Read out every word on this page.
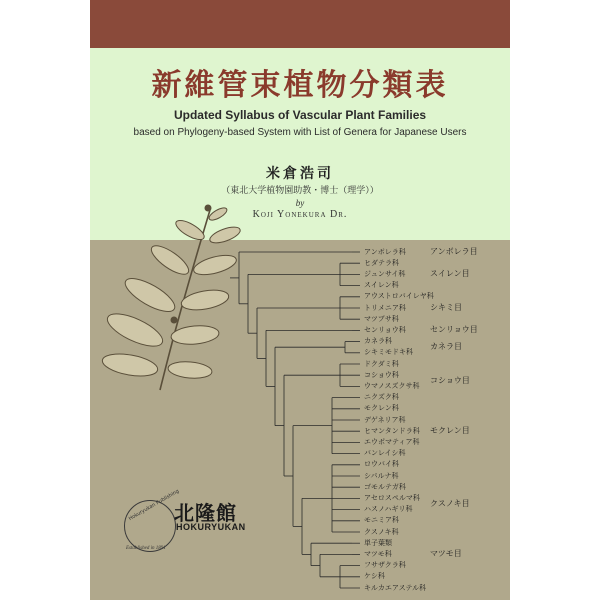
新維管束植物分類表
Updated Syllabus of Vascular Plant Families
based on Phylogeny-based System with List of Genera for Japanese Users
米倉浩司
（東北大学植物園助教・博士（理学））
by
Koji Yonekura Dr.
アンボレラ科
ヒダテラ科
ジュンサイ科
スイレン科
アウストロバイレヤ科
トリメニア科
マツブサ科
センリョウ科
カネラ科
シキミモドキ科
ドクダミ科
コショウ科
ウマノスズクサ科
ニクズク科
モクレン科
デゲネリア科
ヒマンタンドラ科
エウポマティア科
バンレイシ科
ロウバイ科
シパルナ科
ゴモルテガ科
アセロスペルマ科
ハスノハギリ科
モニミア科
クスノキ科
単子葉類
マツモ科
フサザクラ科
ケシ科
キルカエアステル科
アンボレラ目
スイレン目
シキミ目
センリョウ目
カネラ目
コショウ目
モクレン目
クスノキ目
マツモ目
Hokuryukan Publishing
北隆館
HOKURYUKAN
Established in 1891
